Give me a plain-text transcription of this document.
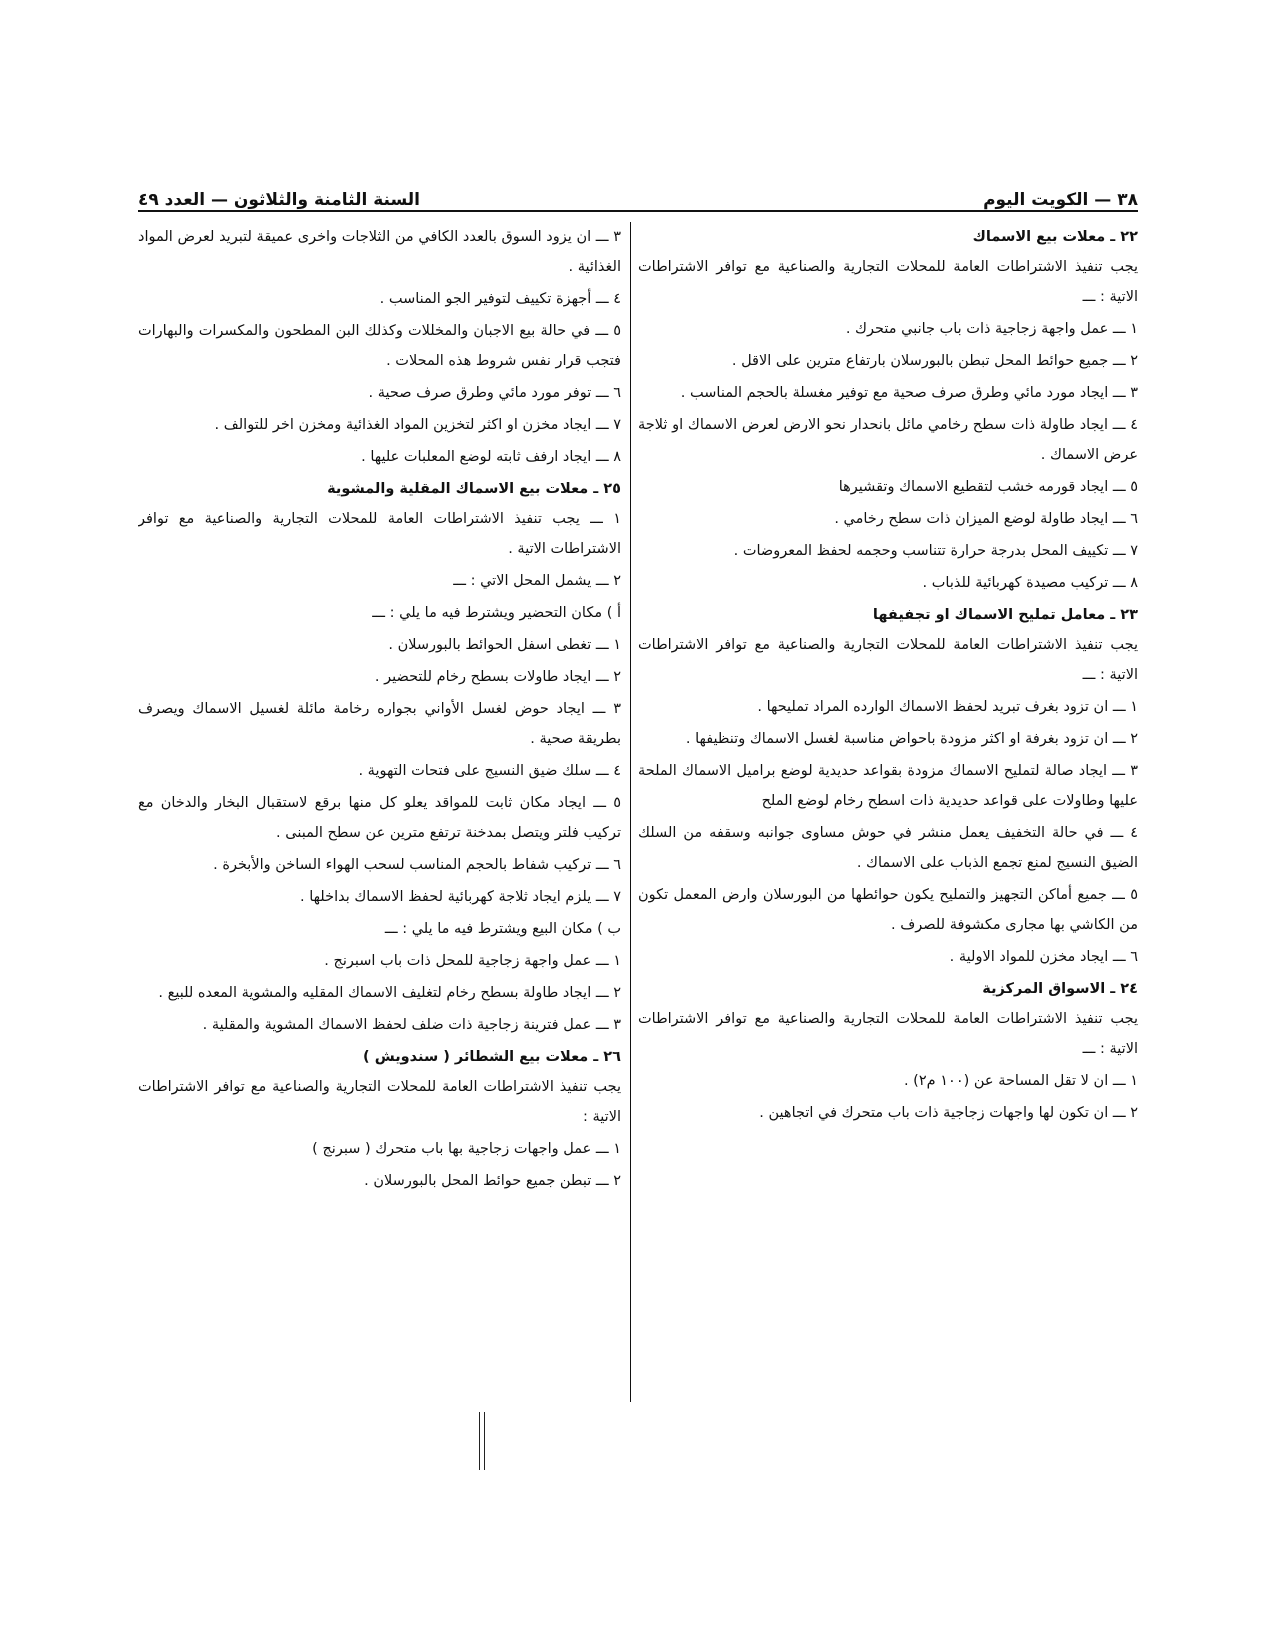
٣٨ — الكويت اليوم
السنة الثامنة والثلاثون — العدد ٤٩

٢٢ ـ معلات بيع الاسماك

يجب تنفيذ الاشتراطات العامة للمحلات التجارية والصناعية مع توافر الاشتراطات الاتية : ـــ

١ ـــ عمل واجهة زجاجية ذات باب جانبي متحرك .

٢ ـــ جميع حوائط المحل تبطن بالبورسلان بارتفاع مترين على الاقل .

٣ ـــ ايجاد مورد مائي وطرق صرف صحية مع توفير مغسلة بالحجم المناسب .

٤ ـــ ايجاد طاولة ذات سطح رخامي مائل بانحدار نحو الارض لعرض الاسماك او ثلاجة عرض الاسماك .

٥ ـــ ايجاد قورمه خشب لتقطيع الاسماك وتقشيرها

٦ ـــ ايجاد طاولة لوضع الميزان ذات سطح رخامي .

٧ ـــ تكييف المحل بدرجة حرارة تتناسب وحجمه لحفظ المعروضات .

٨ ـــ تركيب مصيدة كهربائية للذباب .

٢٣ ـ معامل تمليح الاسماك او تجفيفها

يجب تنفيذ الاشتراطات العامة للمحلات التجارية والصناعية مع توافر الاشتراطات الاتية : ـــ

١ ـــ ان تزود بغرف تبريد لحفظ الاسماك الوارده المراد تمليحها .

٢ ـــ ان تزود بغرفة او اكثر مزودة باحواض مناسبة لغسل الاسماك وتنظيفها .

٣ ـــ ايجاد صالة لتمليح الاسماك مزودة بقواعد حديدية لوضع براميل الاسماك الملحة عليها وطاولات على قواعد حديدية ذات اسطح رخام لوضع الملح

٤ ـــ في حالة التخفيف يعمل منشر في حوش مساوى جوانبه وسقفه من السلك الضيق النسيج لمنع تجمع الذباب على الاسماك .

٥ ـــ جميع أماكن التجهيز والتمليح يكون حوائطها من البورسلان وارض المعمل تكون من الكاشي بها مجارى مكشوفة للصرف .

٦ ـــ ايجاد مخزن للمواد الاولية .

٢٤ ـ الاسواق المركزية

يجب تنفيذ الاشتراطات العامة للمحلات التجارية والصناعية مع توافر الاشتراطات الاتية : ـــ

١ ـــ ان لا تقل المساحة عن (١٠٠ م٢) .

٢ ـــ ان تكون لها واجهات زجاجية ذات باب متحرك في اتجاهين .

٣ ـــ ان يزود السوق بالعدد الكافي من الثلاجات واخرى عميقة لتبريد لعرض المواد الغذائية .

٤ ـــ أجهزة تكييف لتوفير الجو المناسب .

٥ ـــ في حالة بيع الاجبان والمخللات وكذلك البن المطحون والمكسرات والبهارات فتجب قرار نفس شروط هذه المحلات .

٦ ـــ توفر مورد مائي وطرق صرف صحية .

٧ ـــ ايجاد مخزن او اكثر لتخزين المواد الغذائية ومخزن اخر للتوالف .

٨ ـــ ايجاد ارفف ثابته لوضع المعلبات عليها .

٢٥ ـ معلات بيع الاسماك المقلية والمشوية

١ ـــ يجب تنفيذ الاشتراطات العامة للمحلات التجارية والصناعية مع توافر الاشتراطات الاتية .

٢ ـــ يشمل المحل الاتي : ـــ

أ ) مكان التحضير ويشترط فيه ما يلي : ـــ

١ ـــ تغطى اسفل الحوائط بالبورسلان .

٢ ـــ ايجاد طاولات بسطح رخام للتحضير .

٣ ـــ ايجاد حوض لغسل الأواني بجواره رخامة مائلة لغسيل الاسماك ويصرف بطريقة صحية .

٤ ـــ سلك ضيق النسيج على فتحات التهوية .

٥ ـــ ايجاد مكان ثابت للمواقد يعلو كل منها برقع لاستقبال البخار والدخان مع تركيب فلتر ويتصل بمدخنة ترتفع مترين عن سطح المبنى .

٦ ـــ تركيب شفاط بالحجم المناسب لسحب الهواء الساخن والأبخرة .

٧ ـــ يلزم ايجاد ثلاجة كهربائية لحفظ الاسماك بداخلها .

ب ) مكان البيع ويشترط فيه ما يلي : ـــ

١ ـــ عمل واجهة زجاجية للمحل ذات باب اسبرنج .

٢ ـــ ايجاد طاولة بسطح رخام لتغليف الاسماك المقليه والمشوية المعده للبيع .

٣ ـــ عمل فترينة زجاجية ذات ضلف لحفظ الاسماك المشوية والمقلية .

٢٦ ـ معلات بيع الشطائر ( سندويش )

يجب تنفيذ الاشتراطات العامة للمحلات التجارية والصناعية مع توافر الاشتراطات الاتية :

١ ـــ عمل واجهات زجاجية بها باب متحرك ( سبرنج )

٢ ـــ تبطن جميع حوائط المحل بالبورسلان .
